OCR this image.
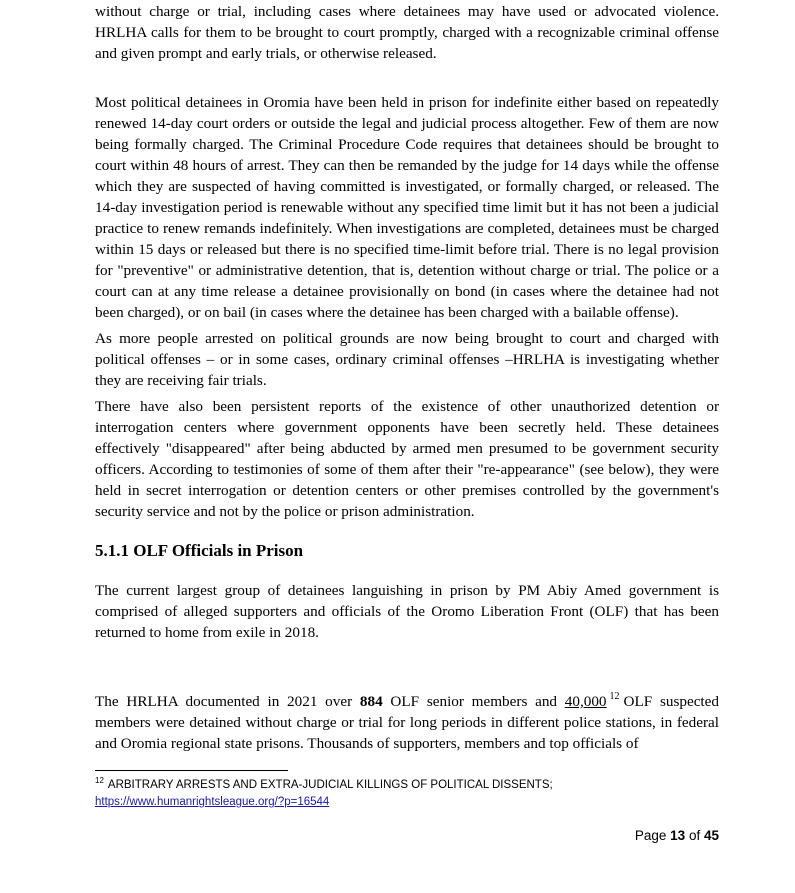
without charge or trial, including cases where detainees may have used or advocated violence. HRLHA calls for them to be brought to court promptly, charged with a recognizable criminal offense and given prompt and early trials, or otherwise released.

Most political detainees in Oromia have been held in prison for indefinite either based on repeatedly renewed 14-day court orders or outside the legal and judicial process altogether. Few of them are now being formally charged. The Criminal Procedure Code requires that detainees should be brought to court within 48 hours of arrest. They can then be remanded by the judge for 14 days while the offense which they are suspected of having committed is investigated, or formally charged, or released. The 14-day investigation period is renewable without any specified time limit but it has not been a judicial practice to renew remands indefinitely. When investigations are completed, detainees must be charged within 15 days or released but there is no specified time-limit before trial. There is no legal provision for "preventive" or administrative detention, that is, detention without charge or trial. The police or a court can at any time release a detainee provisionally on bond (in cases where the detainee had not been charged), or on bail (in cases where the detainee has been charged with a bailable offense).

As more people arrested on political grounds are now being brought to court and charged with political offenses – or in some cases, ordinary criminal offenses –HRLHA is investigating whether they are receiving fair trials.

There have also been persistent reports of the existence of other unauthorized detention or interrogation centers where government opponents have been secretly held. These detainees effectively "disappeared" after being abducted by armed men presumed to be government security officers. According to testimonies of some of them after their "re-appearance" (see below), they were held in secret interrogation or detention centers or other premises controlled by the government's security service and not by the police or prison administration.

5.1.1 OLF Officials in Prison

The current largest group of detainees languishing in prison by PM Abiy Amed government is comprised of alleged supporters and officials of the Oromo Liberation Front (OLF) that has been returned to home from exile in 2018.

The HRLHA documented in 2021 over 884 OLF senior members and 40,000 $^{12}$ OLF suspected members were detained without charge or trial for long periods in different police stations, in federal and Oromia regional state prisons. Thousands of supporters, members and top officials of

$^{12}$ ARBITRARY ARRESTS AND EXTRA-JUDICIAL KILLINGS OF POLITICAL DISSENTS;
https://www.humanrightsleague.org/?p=16544

Page 13 of 45
